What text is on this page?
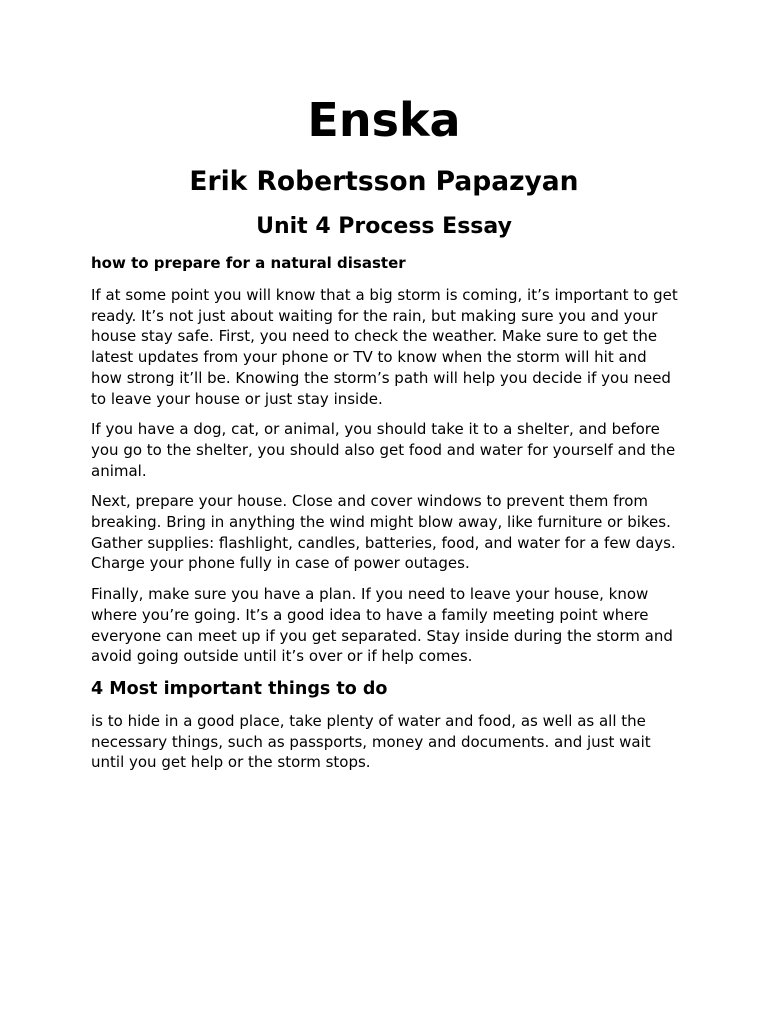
Enska
Erik Robertsson Papazyan
Unit 4 Process Essay

how to prepare for a natural disaster

If at some point you will know that a big storm is coming, it’s important to get ready. It’s not just about waiting for the rain, but making sure you and your house stay safe. First, you need to check the weather. Make sure to get the latest updates from your phone or TV to know when the storm will hit and how strong it’ll be. Knowing the storm’s path will help you decide if you need to leave your house or just stay inside.

If you have a dog, cat, or animal, you should take it to a shelter, and before you go to the shelter, you should also get food and water for yourself and the animal.

Next, prepare your house. Close and cover windows to prevent them from breaking. Bring in anything the wind might blow away, like furniture or bikes. Gather supplies: flashlight, candles, batteries, food, and water for a few days. Charge your phone fully in case of power outages.

Finally, make sure you have a plan. If you need to leave your house, know where you’re going. It’s a good idea to have a family meeting point where everyone can meet up if you get separated. Stay inside during the storm and avoid going outside until it’s over or if help comes.

4 Most important things to do

is to hide in a good place, take plenty of water and food, as well as all the necessary things, such as passports, money and documents. and just wait until you get help or the storm stops.
